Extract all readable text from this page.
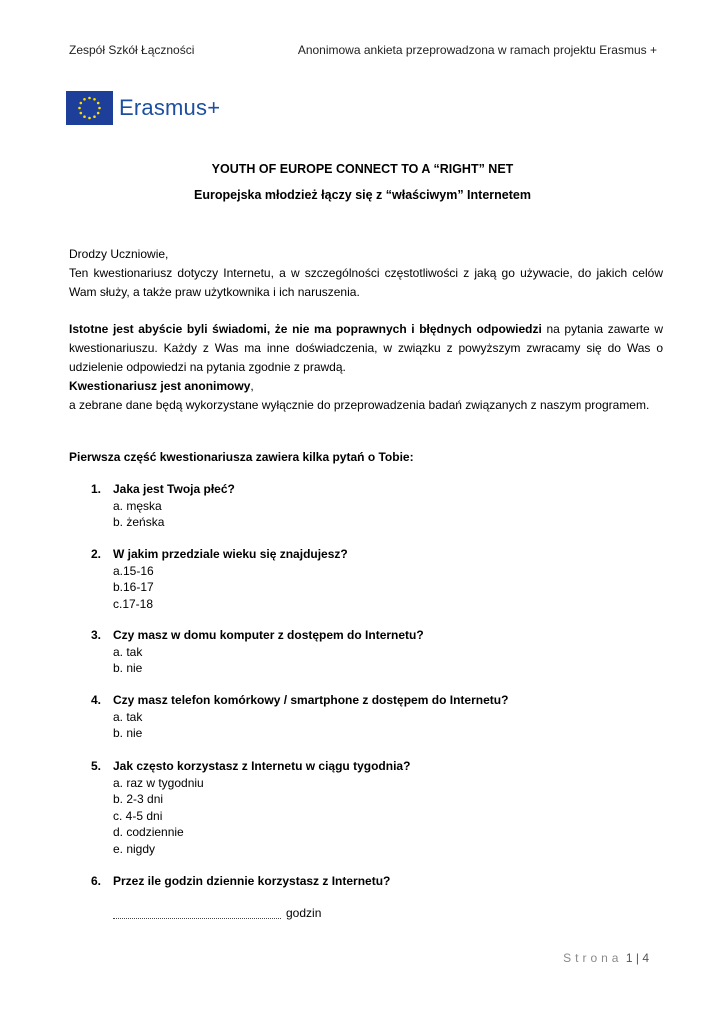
Zespół Szkół Łączności	Anonimowa ankieta przeprowadzona w ramach projektu Erasmus +
Erasmus+
YOUTH OF EUROPE CONNECT TO A “RIGHT” NET
Europejska młodzież łączy się z “właściwym” Internetem
Drodzy Uczniowie,
Ten kwestionariusz dotyczy Internetu, a w szczególności częstotliwości z jaką go używacie, do jakich celów Wam służy, a także praw użytkownika i ich naruszenia.
Istotne jest abyście byli świadomi, że nie ma poprawnych i błędnych odpowiedzi na pytania zawarte w kwestionariuszu. Każdy z Was ma inne doświadczenia, w związku z powyższym zwracamy się do Was o udzielenie odpowiedzi na pytania zgodnie z prawdą.
Kwestionariusz jest anonimowy,
a zebrane dane będą wykorzystane wyłącznie do przeprowadzenia badań związanych z naszym programem.
Pierwsza część kwestionariusza zawiera kilka pytań o Tobie:
1. Jaka jest Twoja płeć?
a. męska
b. żeńska
2. W jakim przedziale wieku się znajdujesz?
a.15-16
b.16-17
c.17-18
3. Czy masz w domu komputer z dostępem do Internetu?
a. tak
b. nie
4. Czy masz telefon komórkowy / smartphone z dostępem do Internetu?
a. tak
b. nie
5. Jak często korzystasz z Internetu w ciągu tygodnia?
a. raz w tygodniu
b. 2-3 dni
c. 4-5 dni
d. codziennie
e. nigdy
6. Przez ile godzin dziennie korzystasz z Internetu?
godzin
Strona 1 | 4
